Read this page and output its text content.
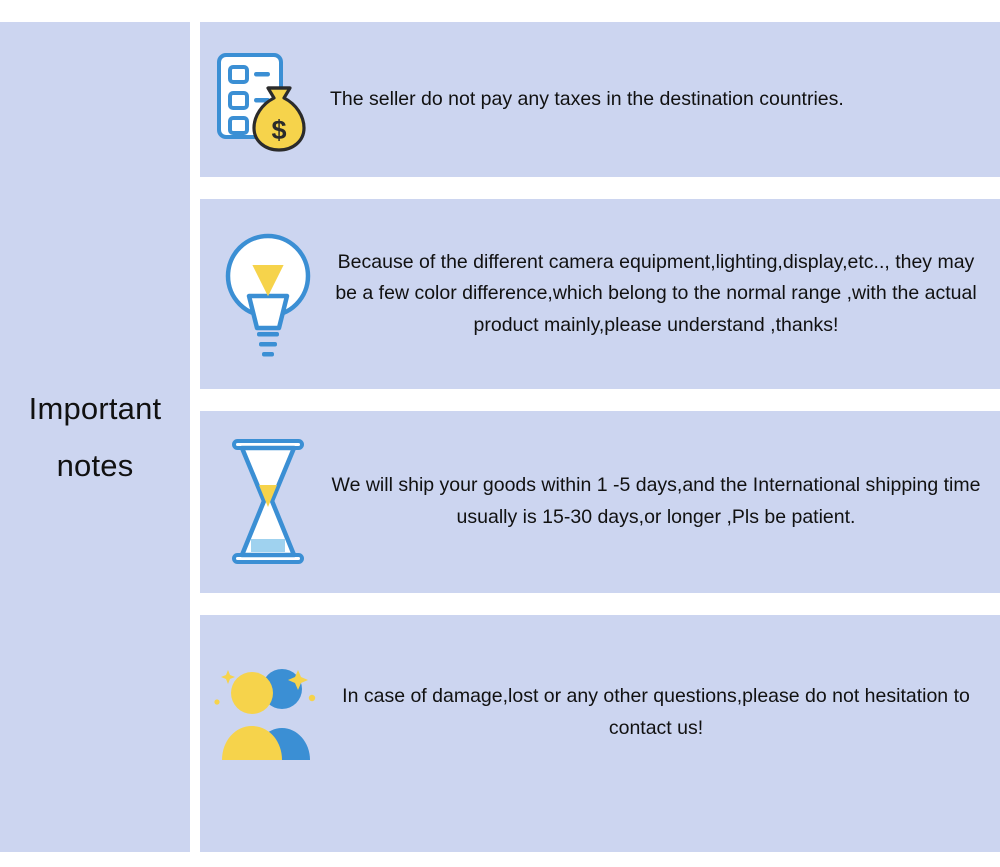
Important
notes
$
The seller do not pay any taxes in the destination countries.
Because of the different camera equipment,lighting,display,etc.., they may be a few color difference,which belong to the normal range ,with the actual product mainly,please understand ,thanks!
We will ship your goods within 1 -5 days,and the International shipping time usually is 15-30 days,or longer ,Pls be patient.
In case of damage,lost or any other questions,please do not hesitation to contact us!
